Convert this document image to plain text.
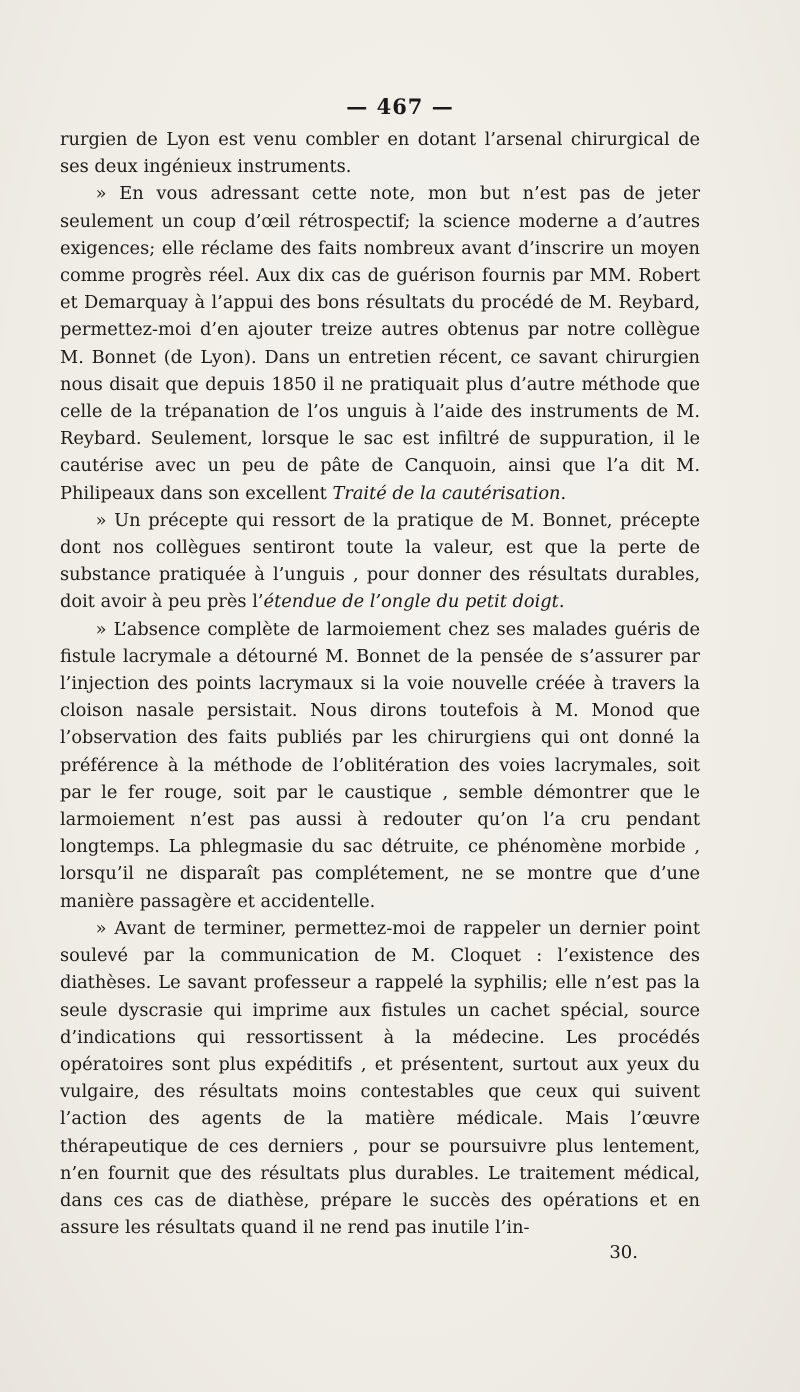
— 467 —

rurgien de Lyon est venu combler en dotant l’arsenal chirurgical de ses deux ingénieux instruments.

» En vous adressant cette note, mon but n’est pas de jeter seulement un coup d’œil rétrospectif; la science moderne a d’autres exigences; elle réclame des faits nombreux avant d’inscrire un moyen comme progrès réel. Aux dix cas de guérison fournis par MM. Robert et Demarquay à l’appui des bons résultats du procédé de M. Reybard, permettez-moi d’en ajouter treize autres obtenus par notre collègue M. Bonnet (de Lyon). Dans un entretien récent, ce savant chirurgien nous disait que depuis 1850 il ne pratiquait plus d’autre méthode que celle de la trépanation de l’os unguis à l’aide des instruments de M. Reybard. Seulement, lorsque le sac est infiltré de suppuration, il le cautérise avec un peu de pâte de Canquoin, ainsi que l’a dit M. Philipeaux dans son excellent Traité de la cautérisation.

» Un précepte qui ressort de la pratique de M. Bonnet, précepte dont nos collègues sentiront toute la valeur, est que la perte de substance pratiquée à l’unguis , pour donner des résultats durables, doit avoir à peu près l’étendue de l’ongle du petit doigt.

» L’absence complète de larmoiement chez ses malades guéris de fistule lacrymale a détourné M. Bonnet de la pensée de s’assurer par l’injection des points lacrymaux si la voie nouvelle créée à travers la cloison nasale persistait. Nous dirons toutefois à M. Monod que l’observation des faits publiés par les chirurgiens qui ont donné la préférence à la méthode de l’oblitération des voies lacrymales, soit par le fer rouge, soit par le caustique , semble démontrer que le larmoiement n’est pas aussi à redouter qu’on l’a cru pendant longtemps. La phlegmasie du sac détruite, ce phénomène morbide , lorsqu’il ne disparaît pas complétement, ne se montre que d’une manière passagère et accidentelle.

» Avant de terminer, permettez-moi de rappeler un dernier point soulevé par la communication de M. Cloquet : l’existence des diathèses. Le savant professeur a rappelé la syphilis; elle n’est pas la seule dyscrasie qui imprime aux fistules un cachet spécial, source d’indications qui ressortissent à la médecine. Les procédés opératoires sont plus expéditifs , et présentent, surtout aux yeux du vulgaire, des résultats moins contestables que ceux qui suivent l’action des agents de la matière médicale. Mais l’œuvre thérapeutique de ces derniers , pour se poursuivre plus lentement, n’en fournit que des résultats plus durables. Le traitement médical, dans ces cas de diathèse, prépare le succès des opérations et en assure les résultats quand il ne rend pas inutile l’in-

30.
